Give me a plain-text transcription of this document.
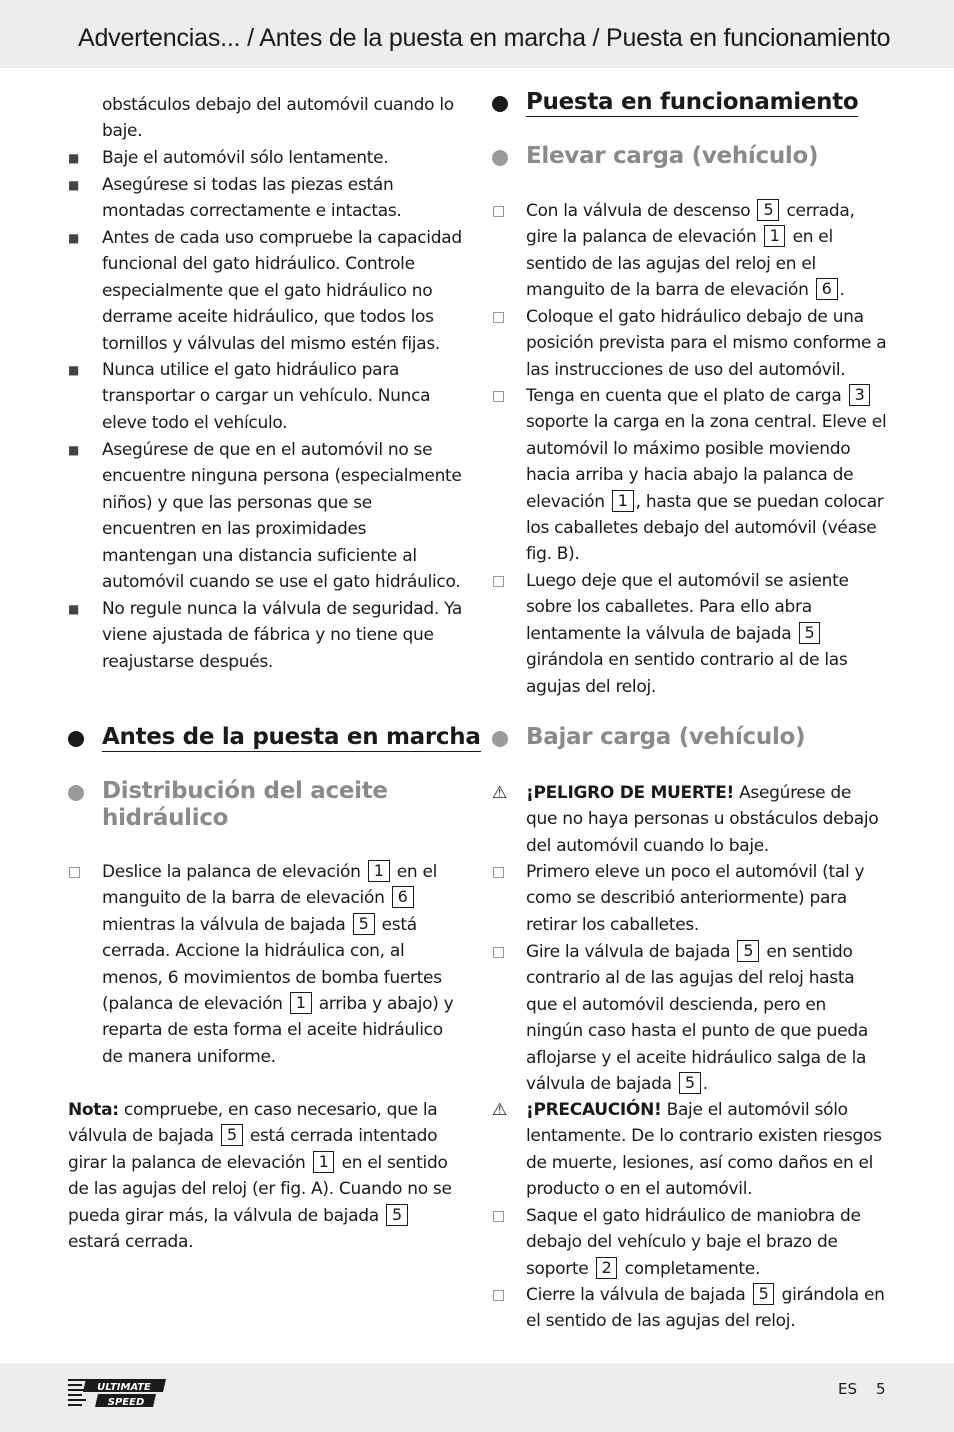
Advertencias... / Antes de la puesta en marcha / Puesta en funcionamiento
obstáculos debajo del automóvil cuando lo baje.
■	Baje el automóvil sólo lentamente.
■	Asegúrese si todas las piezas están montadas correctamente e intactas.
■	Antes de cada uso compruebe la capacidad funcional del gato hidráulico. Controle especialmente que el gato hidráulico no derrame aceite hidráulico, que todos los tornillos y válvulas del mismo estén fijas.
■	Nunca utilice el gato hidráulico para transportar o cargar un vehículo. Nunca eleve todo el vehículo.
■	Asegúrese de que en el automóvil no se encuentre ninguna persona (especialmente niños) y que las personas que se encuentren en las proximidades mantengan una distancia suficiente al automóvil cuando se use el gato hidráulico.
■	No regule nunca la válvula de seguridad. Ya viene ajustada de fábrica y no tiene que reajustarse después.
Antes de la puesta en marcha
Distribución del aceite hidráulico
□	Deslice la palanca de elevación 1 en el manguito de la barra de elevación 6 mientras la válvula de bajada 5 está cerrada. Accione la hidráulica con, al menos, 6 movimientos de bomba fuertes (palanca de elevación 1 arriba y abajo) y reparta de esta forma el aceite hidráulico de manera uniforme.
Nota: compruebe, en caso necesario, que la válvula de bajada 5 está cerrada intentado girar la palanca de elevación 1 en el sentido de las agujas del reloj (er fig. A). Cuando no se pueda girar más, la válvula de bajada 5 estará cerrada.
Puesta en funcionamiento
Elevar carga (vehículo)
□	Con la válvula de descenso 5 cerrada, gire la palanca de elevación 1 en el sentido de las agujas del reloj en el manguito de la barra de elevación 6 .
□	Coloque el gato hidráulico debajo de una posición prevista para el mismo conforme a las instrucciones de uso del automóvil.
□	Tenga en cuenta que el plato de carga 3 soporte la carga en la zona central. Eleve el automóvil lo máximo posible moviendo hacia arriba y hacia abajo la palanca de elevación 1 , hasta que se puedan colocar los caballetes debajo del automóvil (véase fig. B).
□	Luego deje que el automóvil se asiente sobre los caballetes. Para ello abra lentamente la válvula de bajada 5 girándola en sentido contrario al de las agujas del reloj.
Bajar carga (vehículo)
⚠	¡PELIGRO DE MUERTE! Asegúrese de que no haya personas u obstáculos debajo del automóvil cuando lo baje.
□	Primero eleve un poco el automóvil (tal y como se describió anteriormente) para retirar los caballetes.
□	Gire la válvula de bajada 5 en sentido contrario al de las agujas del reloj hasta que el automóvil descienda, pero en ningún caso hasta el punto de que pueda aflojarse y el aceite hidráulico salga de la válvula de bajada 5 .
⚠	¡PRECAUCIÓN! Baje el automóvil sólo lentamente. De lo contrario existen riesgos de muerte, lesiones, así como daños en el producto o en el automóvil.
□	Saque el gato hidráulico de maniobra de debajo del vehículo y baje el brazo de soporte 2 completamente.
□	Cierre la válvula de bajada 5 girándola en el sentido de las agujas del reloj.
ULTIMATE
SPEED
ES 5
